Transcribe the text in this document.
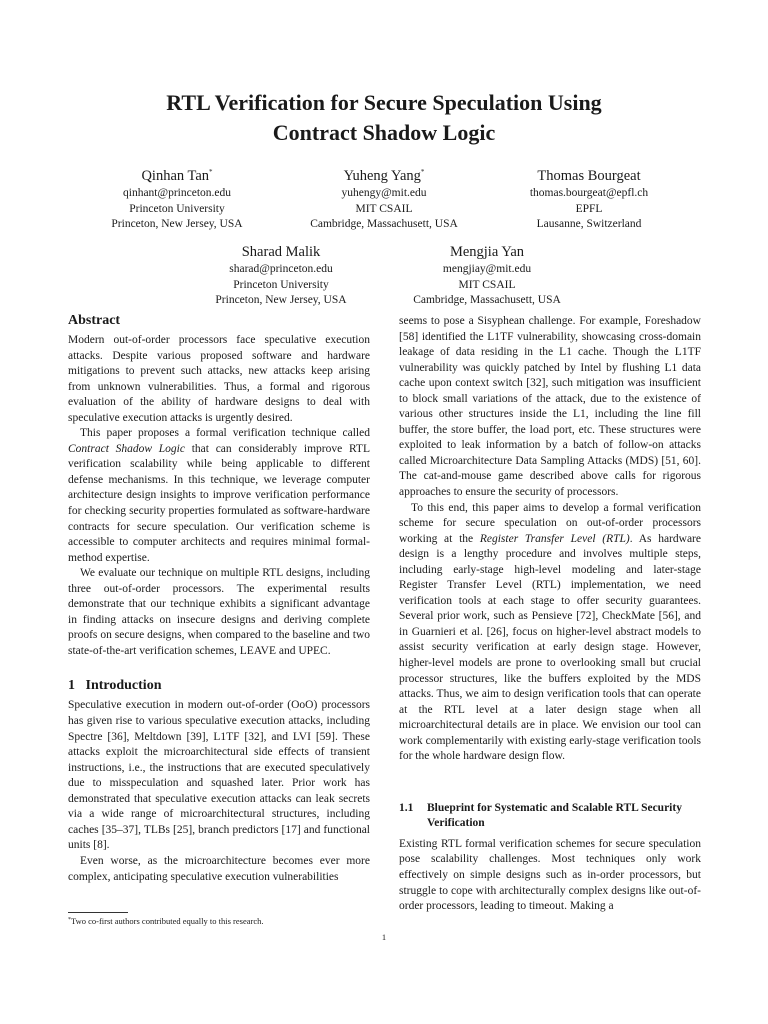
RTL Verification for Secure Speculation Using
Contract Shadow Logic
Qinhan Tan*
qinhant@princeton.edu
Princeton University
Princeton, New Jersey, USA
Yuheng Yang*
yuhengy@mit.edu
MIT CSAIL
Cambridge, Massachusett, USA
Thomas Bourgeat
thomas.bourgeat@epfl.ch
EPFL
Lausanne, Switzerland
Sharad Malik
sharad@princeton.edu
Princeton University
Princeton, New Jersey, USA
Mengjia Yan
mengjiay@mit.edu
MIT CSAIL
Cambridge, Massachusett, USA
Abstract

Modern out-of-order processors face speculative execution attacks. Despite various proposed software and hardware mitigations to prevent such attacks, new attacks keep arising from unknown vulnerabilities. Thus, a formal and rigorous evaluation of the ability of hardware designs to deal with speculative execution attacks is urgently desired.

This paper proposes a formal verification technique called Contract Shadow Logic that can considerably improve RTL verification scalability while being applicable to different defense mechanisms. In this technique, we leverage computer architecture design insights to improve verification performance for checking security properties formulated as software-hardware contracts for secure speculation. Our verification scheme is accessible to computer architects and requires minimal formal-method expertise.

We evaluate our technique on multiple RTL designs, including three out-of-order processors. The experimental results demonstrate that our technique exhibits a significant advantage in finding attacks on insecure designs and deriving complete proofs on secure designs, when compared to the baseline and two state-of-the-art verification schemes, LEAVE and UPEC.

1 Introduction

Speculative execution in modern out-of-order (OoO) processors has given rise to various speculative execution attacks, including Spectre [36], Meltdown [39], L1TF [32], and LVI [59]. These attacks exploit the microarchitectural side effects of transient instructions, i.e., the instructions that are executed speculatively due to misspeculation and squashed later. Prior work has demonstrated that speculative execution attacks can leak secrets via a wide range of microarchitectural structures, including caches [35–37], TLBs [25], branch predictors [17] and functional units [8].

Even worse, as the microarchitecture becomes ever more complex, anticipating speculative execution vulnerabilities

seems to pose a Sisyphean challenge. For example, Foreshadow [58] identified the L1TF vulnerability, showcasing cross-domain leakage of data residing in the L1 cache. Though the L1TF vulnerability was quickly patched by Intel by flushing L1 data cache upon context switch [32], such mitigation was insufficient to block small variations of the attack, due to the existence of various other structures inside the L1, including the line fill buffer, the store buffer, the load port, etc. These structures were exploited to leak information by a batch of follow-on attacks called Microarchitecture Data Sampling Attacks (MDS) [51, 60]. The cat-and-mouse game described above calls for rigorous approaches to ensure the security of processors.

To this end, this paper aims to develop a formal verification scheme for secure speculation on out-of-order processors working at the Register Transfer Level (RTL). As hardware design is a lengthy procedure and involves multiple steps, including early-stage high-level modeling and later-stage Register Transfer Level (RTL) implementation, we need verification tools at each stage to offer security guarantees. Several prior work, such as Pensieve [72], CheckMate [56], and in Guarnieri et al. [26], focus on higher-level abstract models to assist security verification at early design stage. However, higher-level models are prone to overlooking small but crucial processor structures, like the buffers exploited by the MDS attacks. Thus, we aim to design verification tools that can operate at the RTL level at a later design stage when all microarchitectural details are in place. We envision our tool can work complementarily with existing early-stage verification tools for the whole hardware design flow.

1.1	Blueprint for Systematic and Scalable RTL Security Verification

Existing RTL formal verification schemes for secure speculation pose scalability challenges. Most techniques only work effectively on simple designs such as in-order processors, but struggle to cope with architecturally complex designs like out-of-order processors, leading to timeout. Making a

*Two co-first authors contributed equally to this research.
1
